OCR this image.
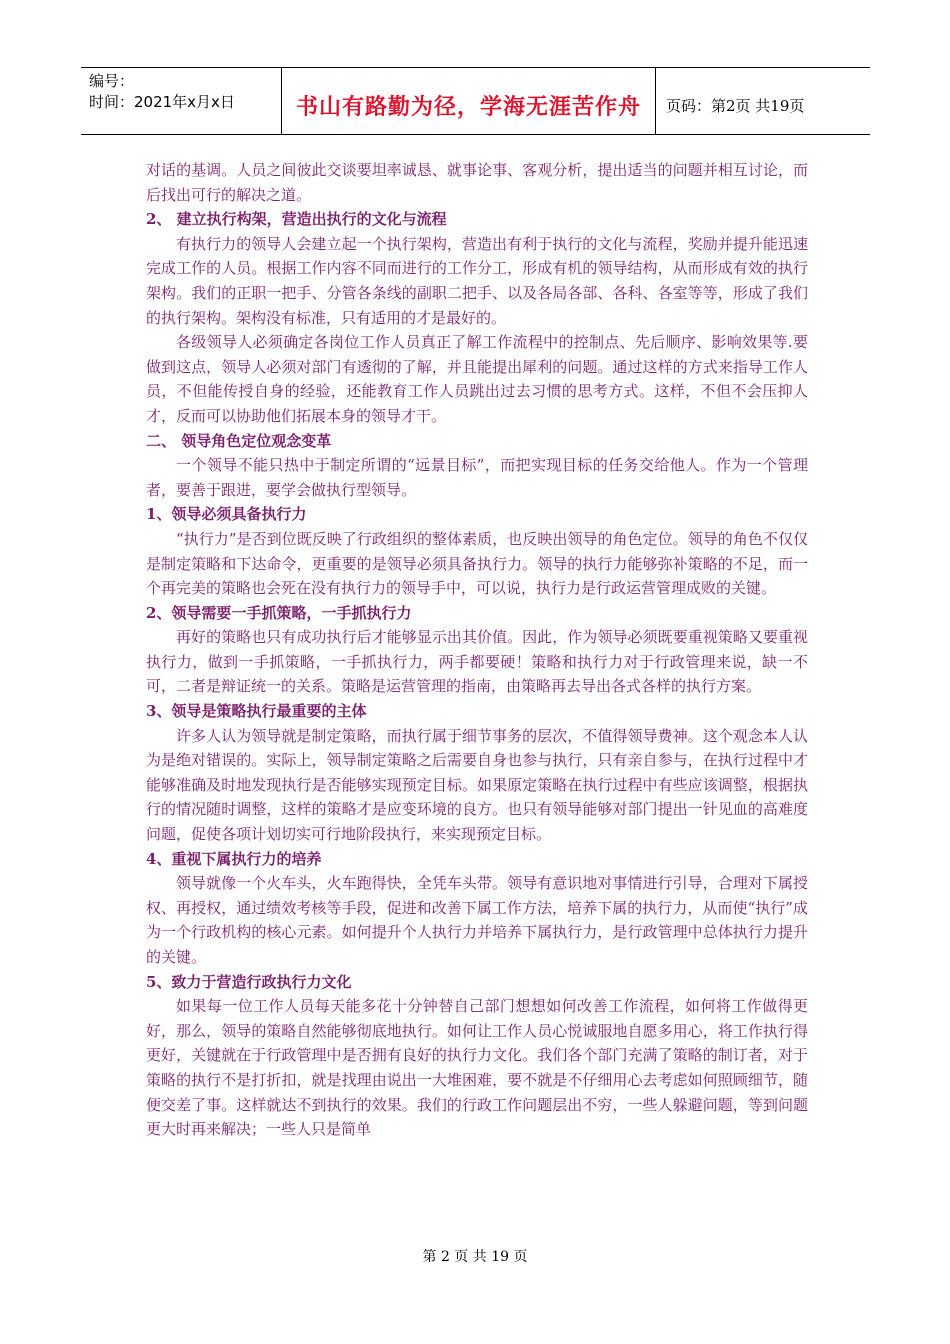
编号：
时间：2021年x月x日	书山有路勤为径，学海无涯苦作舟	页码：第2页 共19页

对话的基调。人员之间彼此交谈要坦率诚恳、就事论事、客观分析，提出适当的问题并相互讨论，而后找出可行的解决之道。

2、 建立执行构架，营造出执行的文化与流程

有执行力的领导人会建立起一个执行架构，营造出有利于执行的文化与流程，奖励并提升能迅速完成工作的人员。根据工作内容不同而进行的工作分工，形成有机的领导结构，从而形成有效的执行架构。我们的正职一把手、分管各条线的副职二把手、以及各局各部、各科、各室等等，形成了我们的执行架构。架构没有标准，只有适用的才是最好的。

各级领导人必须确定各岗位工作人员真正了解工作流程中的控制点、先后顺序、影响效果等.要做到这点，领导人必须对部门有透彻的了解，并且能提出犀利的问题。通过这样的方式来指导工作人员，不但能传授自身的经验，还能教育工作人员跳出过去习惯的思考方式。这样，不但不会压抑人才，反而可以协助他们拓展本身的领导才干。

二、 领导角色定位观念变革

一个领导不能只热中于制定所谓的“远景目标”，而把实现目标的任务交给他人。作为一个管理者，要善于跟进，要学会做执行型领导。

1、领导必须具备执行力

“执行力”是否到位既反映了行政组织的整体素质，也反映出领导的角色定位。领导的角色不仅仅是制定策略和下达命令，更重要的是领导必须具备执行力。领导的执行力能够弥补策略的不足，而一个再完美的策略也会死在没有执行力的领导手中，可以说，执行力是行政运营管理成败的关键。

2、领导需要一手抓策略，一手抓执行力

再好的策略也只有成功执行后才能够显示出其价值。因此，作为领导必须既要重视策略又要重视执行力，做到一手抓策略，一手抓执行力，两手都要硬！策略和执行力对于行政管理来说，缺一不可，二者是辩证统一的关系。策略是运营管理的指南，由策略再去导出各式各样的执行方案。

3、领导是策略执行最重要的主体

许多人认为领导就是制定策略，而执行属于细节事务的层次，不值得领导费神。这个观念本人认为是绝对错误的。实际上，领导制定策略之后需要自身也参与执行，只有亲自参与，在执行过程中才能够准确及时地发现执行是否能够实现预定目标。如果原定策略在执行过程中有些应该调整，根据执行的情况随时调整，这样的策略才是应变环境的良方。也只有领导能够对部门提出一针见血的高难度问题，促使各项计划切实可行地阶段执行，来实现预定目标。

4、重视下属执行力的培养

领导就像一个火车头，火车跑得快，全凭车头带。领导有意识地对事情进行引导，合理对下属授权、再授权，通过绩效考核等手段，促进和改善下属工作方法，培养下属的执行力，从而使“执行”成为一个行政机构的核心元素。如何提升个人执行力并培养下属执行力，是行政管理中总体执行力提升的关键。

5、致力于营造行政执行力文化

如果每一位工作人员每天能多花十分钟替自己部门想想如何改善工作流程，如何将工作做得更好，那么，领导的策略自然能够彻底地执行。如何让工作人员心悦诚服地自愿多用心，将工作执行得更好，关键就在于行政管理中是否拥有良好的执行力文化。我们各个部门充满了策略的制订者，对于策略的执行不是打折扣，就是找理由说出一大堆困难，要不就是不仔细用心去考虑如何照顾细节，随便交差了事。这样就达不到执行的效果。我们的行政工作问题层出不穷，一些人躲避问题，等到问题更大时再来解决；一些人只是简单

第 2 页 共 19 页
